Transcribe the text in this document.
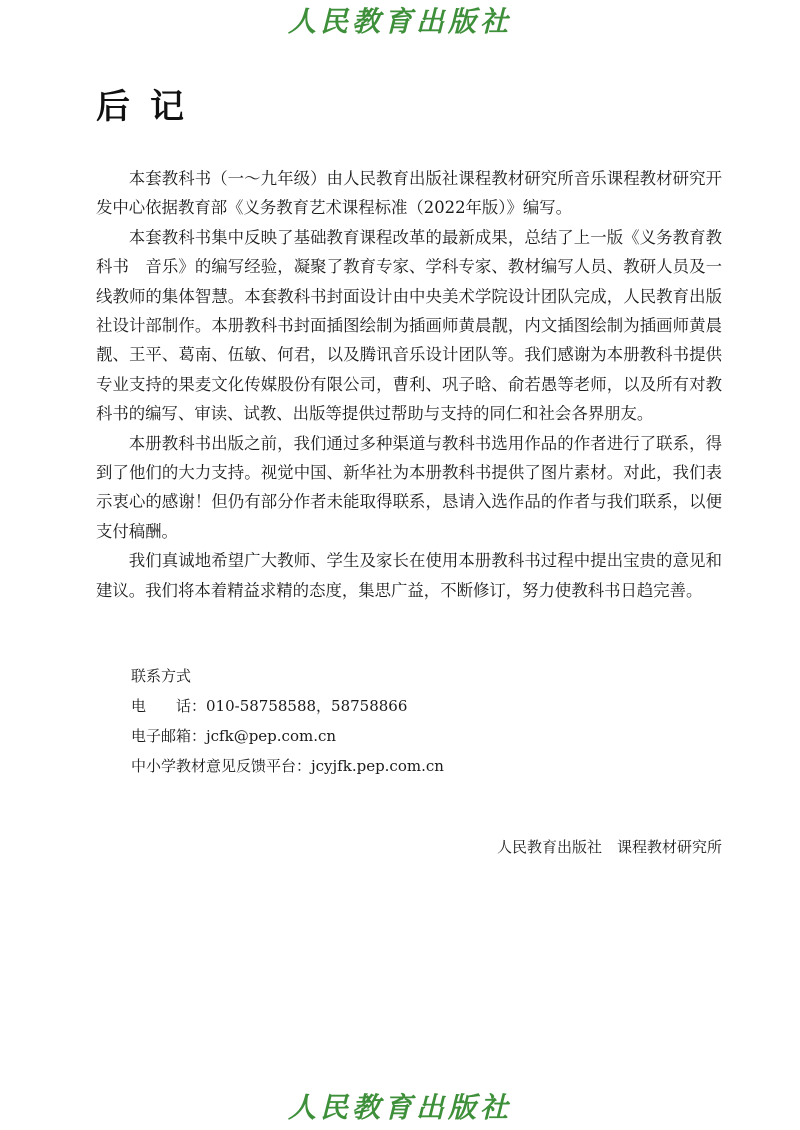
人民教育出版社
后记

本套教科书（一～九年级）由人民教育出版社课程教材研究所音乐课程教材研究开发中心依据教育部《义务教育艺术课程标准（2022年版）》编写。

本套教科书集中反映了基础教育课程改革的最新成果，总结了上一版《义务教育教科书　音乐》的编写经验，凝聚了教育专家、学科专家、教材编写人员、教研人员及一线教师的集体智慧。本套教科书封面设计由中央美术学院设计团队完成，人民教育出版社设计部制作。本册教科书封面插图绘制为插画师黄晨靓，内文插图绘制为插画师黄晨靓、王平、葛南、伍敏、何君，以及腾讯音乐设计团队等。我们感谢为本册教科书提供专业支持的果麦文化传媒股份有限公司，曹利、巩子晗、俞若愚等老师，以及所有对教科书的编写、审读、试教、出版等提供过帮助与支持的同仁和社会各界朋友。

本册教科书出版之前，我们通过多种渠道与教科书选用作品的作者进行了联系，得到了他们的大力支持。视觉中国、新华社为本册教科书提供了图片素材。对此，我们表示衷心的感谢！但仍有部分作者未能取得联系，恳请入选作品的作者与我们联系，以便支付稿酬。

我们真诚地希望广大教师、学生及家长在使用本册教科书过程中提出宝贵的意见和建议。我们将本着精益求精的态度，集思广益，不断修订，努力使教科书日趋完善。

联系方式
电　　话：010-58758588，58758866
电子邮箱：jcfk@pep.com.cn
中小学教材意见反馈平台：jcyjfk.pep.com.cn
人民教育出版社　课程教材研究所
人民教育出版社
